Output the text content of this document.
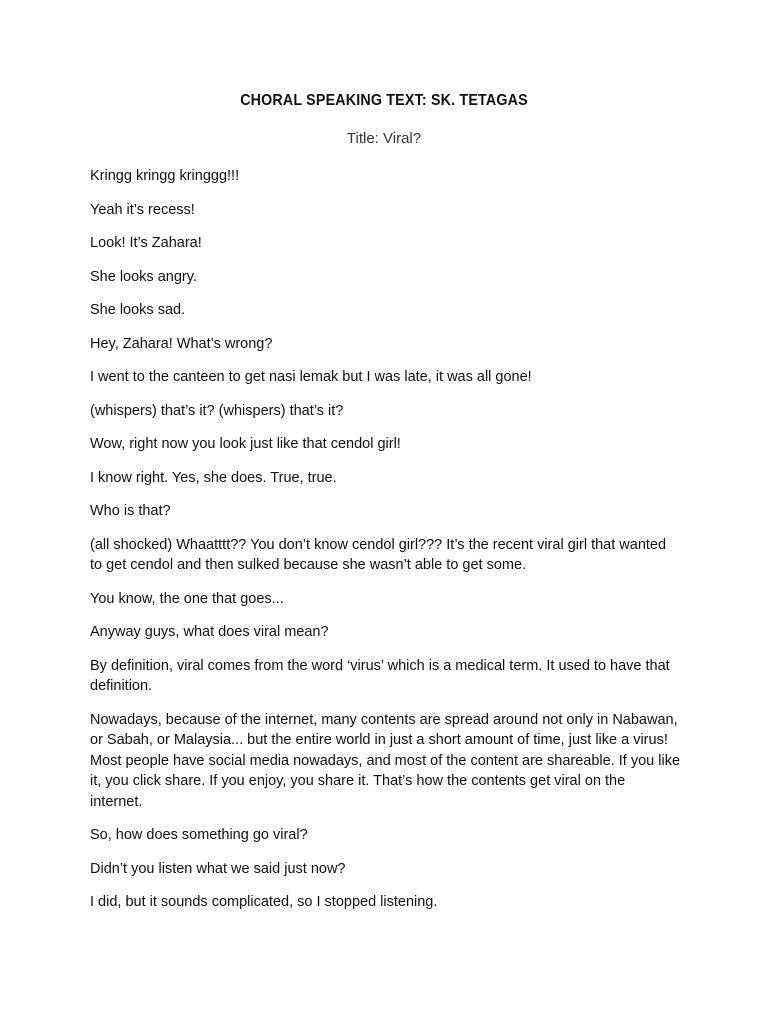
CHORAL SPEAKING TEXT: SK. TETAGAS
Title: Viral?

Kringg kringg kringgg!!!

Yeah it’s recess!

Look! It’s Zahara!

She looks angry.

She looks sad.

Hey, Zahara! What’s wrong?

I went to the canteen to get nasi lemak but I was late, it was all gone!

(whispers) that’s it? (whispers) that’s it?

Wow, right now you look just like that cendol girl!

I know right. Yes, she does. True, true.

Who is that?

(all shocked) Whaatttt?? You don’t know cendol girl??? It’s the recent viral girl that wanted to get cendol and then sulked because she wasn’t able to get some.

You know, the one that goes...

Anyway guys, what does viral mean?

By definition, viral comes from the word ‘virus’ which is a medical term. It used to have that definition.

Nowadays, because of the internet, many contents are spread around not only in Nabawan, or Sabah, or Malaysia... but the entire world in just a short amount of time, just like a virus! Most people have social media nowadays, and most of the content are shareable. If you like it, you click share. If you enjoy, you share it. That’s how the contents get viral on the internet.

So, how does something go viral?

Didn’t you listen what we said just now?

I did, but it sounds complicated, so I stopped listening.
